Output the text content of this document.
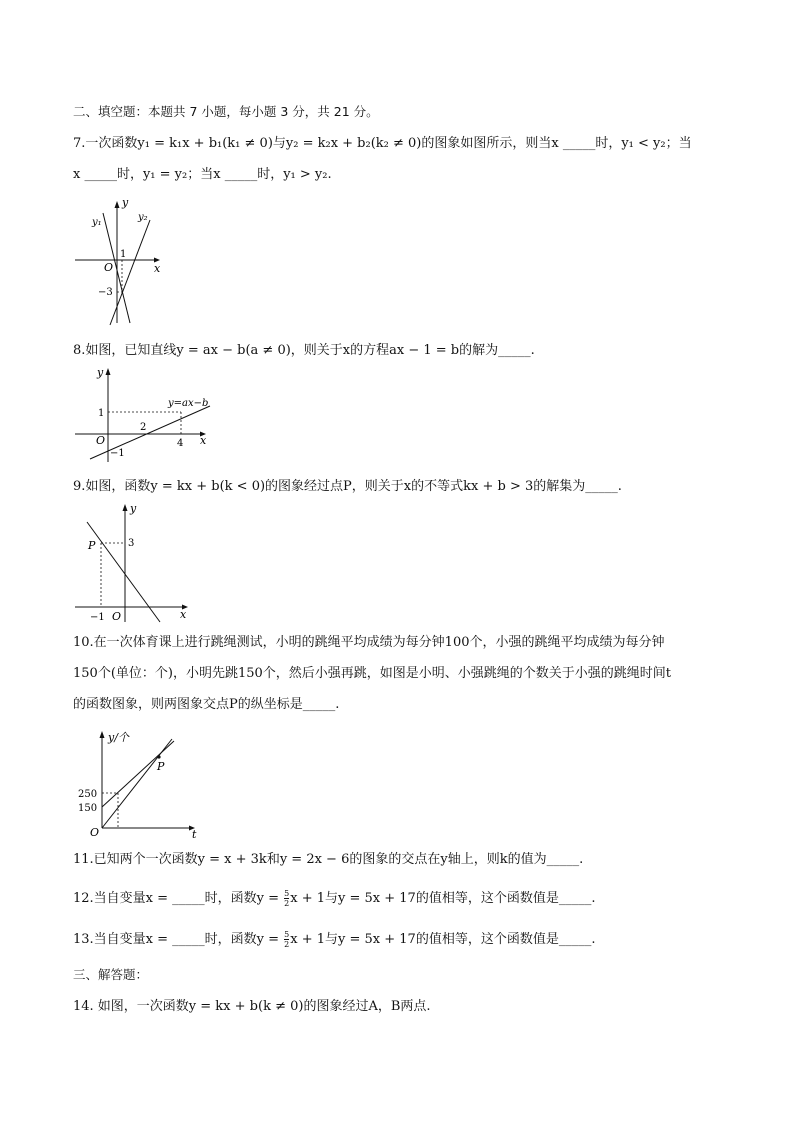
二、填空题：本题共 7 小题，每小题 3 分，共 21 分。
7.一次函数y₁ = k₁x + b₁(k₁ ≠ 0)与y₂ = k₂x + b₂(k₂ ≠ 0)的图象如图所示，则当x _____时，y₁ < y₂；当
x _____时，y₁ = y₂；当x _____时，y₁ > y₂.
y
x
O
y₁	y₂
1
−3
8.如图，已知直线y = ax − b(a ≠ 0)，则关于x的方程ax − 1 = b的解为_____.
y
x
O
y=ax−b
1
2
4
−1
9.如图，函数y = kx + b(k < 0)的图象经过点P，则关于x的不等式kx + b > 3的解集为_____.
y
x
O
P	3
−1
10.在一次体育课上进行跳绳测试，小明的跳绳平均成绩为每分钟100个，小强的跳绳平均成绩为每分钟
150个(单位：个)，小明先跳150个，然后小强再跳，如图是小明、小强跳绳的个数关于小强的跳绳时间t
的函数图象，则两图象交点P的纵坐标是_____.
y/个
t
O
P
250
150
11.已知两个一次函数y = x + 3k和y = 2x − 6的图象的交点在y轴上，则k的值为_____.
12.当自变量x = _____时，函数$y = \frac{5}{2}$ x + 1与y = 5x + 17的值相等，这个函数值是_____.
13.当自变量x = _____时，函数$y = \frac{5}{2}$ x + 1与y = 5x + 17的值相等，这个函数值是_____.
三、解答题：
14. 如图，一次函数y = kx + b(k ≠ 0)的图象经过A，B两点.
